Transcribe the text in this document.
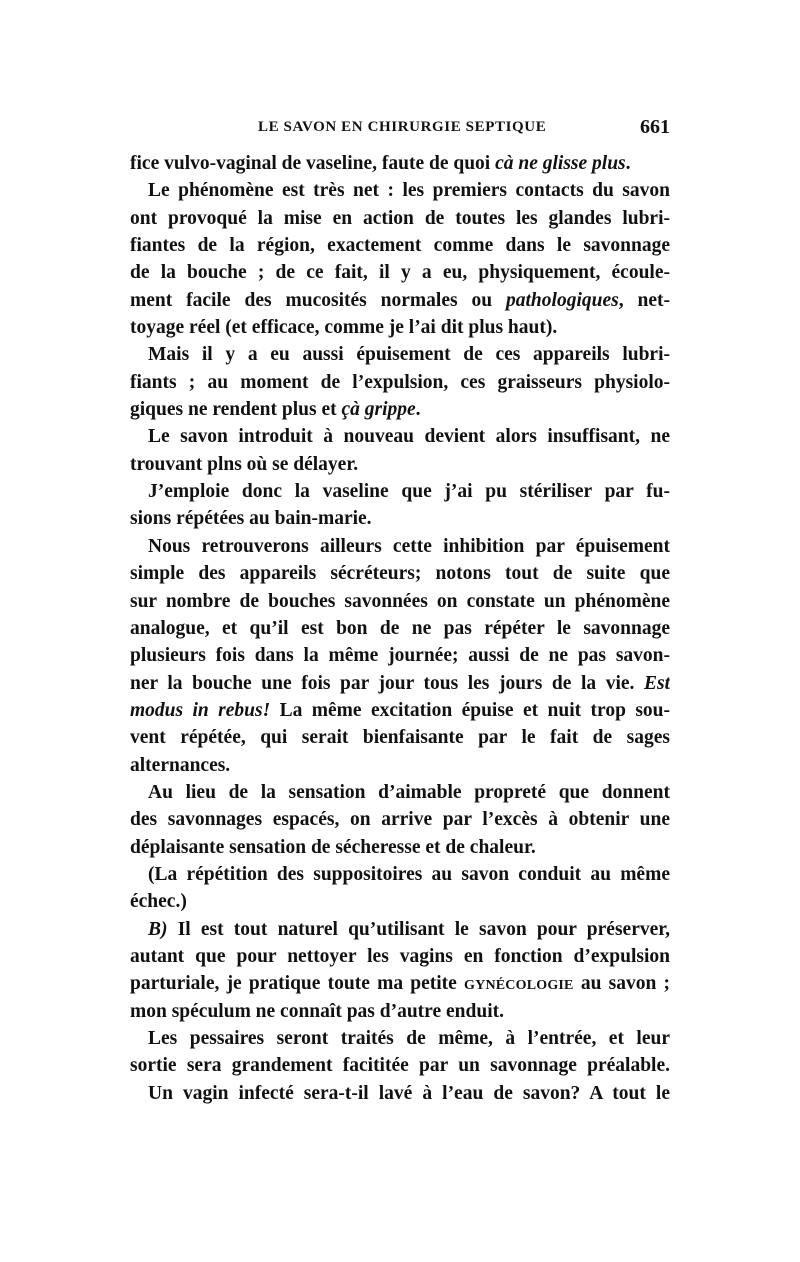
LE SAVON EN CHIRURGIE SEPTIQUE	661
fice vulvo-vaginal de vaseline, faute de quoi cà ne glisse plus.
Le phénomène est très net : les premiers contacts du savon
ont provoqué la mise en action de toutes les glandes lubri-
fiantes de la région, exactement comme dans le savonnage
de la bouche ; de ce fait, il y a eu, physiquement, écoule-
ment facile des mucosités normales ou pathologiques, net-
toyage réel (et efficace, comme je l’ai dit plus haut).
Mais il y a eu aussi épuisement de ces appareils lubri-
fiants ; au moment de l’expulsion, ces graisseurs physiolo-
giques ne rendent plus et çà grippe.
Le savon introduit à nouveau devient alors insuffisant, ne
trouvant plns où se délayer.
J’emploie donc la vaseline que j’ai pu stériliser par fu-
sions répétées au bain-marie.
Nous retrouverons ailleurs cette inhibition par épuisement
simple des appareils sécréteurs; notons tout de suite que
sur nombre de bouches savonnées on constate un phénomène
analogue, et qu’il est bon de ne pas répéter le savonnage
plusieurs fois dans la même journée; aussi de ne pas savon-
ner la bouche une fois par jour tous les jours de la vie. Est
modus in rebus! La même excitation épuise et nuit trop sou-
vent répétée, qui serait bienfaisante par le fait de sages
alternances.
Au lieu de la sensation d’aimable propreté que donnent
des savonnages espacés, on arrive par l’excès à obtenir une
déplaisante sensation de sécheresse et de chaleur.
(La répétition des suppositoires au savon conduit au même
échec.)
B) Il est tout naturel qu’utilisant le savon pour préserver,
autant que pour nettoyer les vagins en fonction d’expulsion
parturiale, je pratique toute ma petite GYNÉCOLOGIE au savon ;
mon spéculum ne connaît pas d’autre enduit.
Les pessaires seront traités de même, à l’entrée, et leur
sortie sera grandement facititée par un savonnage préalable.
Un vagin infecté sera-t-il lavé à l’eau de savon? A tout le
